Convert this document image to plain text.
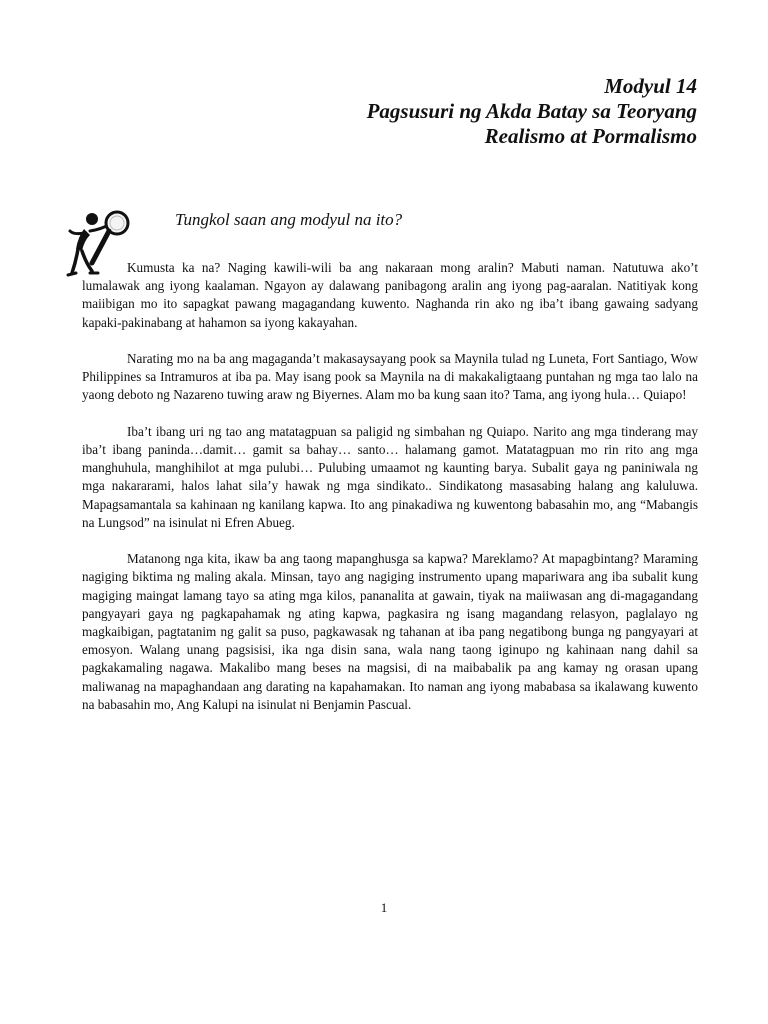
Modyul 14
Pagsusuri ng Akda Batay sa Teoryang
Realismo at Pormalismo
Tungkol saan ang modyul na ito?

Kumusta ka na? Naging kawili-wili ba ang nakaraan mong aralin? Mabuti naman. Natutuwa ako’t lumalawak ang iyong kaalaman. Ngayon ay dalawang panibagong aralin ang iyong pag-aaralan. Natitiyak kong maiibigan mo ito sapagkat pawang magagandang kuwento. Naghanda rin ako ng iba’t ibang gawaing sadyang kapaki-pakinabang at hahamon sa iyong kakayahan.

Narating mo na ba ang magaganda’t makasaysayang pook sa Maynila tulad ng Luneta, Fort Santiago, Wow Philippines sa Intramuros at iba pa. May isang pook sa Maynila na di makakaligtaang puntahan ng mga tao lalo na yaong deboto ng Nazareno tuwing araw ng Biyernes. Alam mo ba kung saan ito? Tama, ang iyong hula… Quiapo!

Iba’t ibang uri ng tao ang matatagpuan sa paligid ng simbahan ng Quiapo. Narito ang mga tinderang may iba’t ibang paninda…damit… gamit sa bahay… santo… halamang gamot. Matatagpuan mo rin rito ang mga manghuhula, manghihilot at mga pulubi… Pulubing umaamot ng kaunting barya. Subalit gaya ng paniniwala ng mga nakararami, halos lahat sila’y hawak ng mga sindikato.. Sindikatong masasabing halang ang kaluluwa. Mapagsamantala sa kahinaan ng kanilang kapwa. Ito ang pinakadiwa ng kuwentong babasahin mo, ang “Mabangis na Lungsod” na isinulat ni Efren Abueg.

Matanong nga kita, ikaw ba ang taong mapanghusga sa kapwa? Mareklamo? At mapagbintang? Maraming nagiging biktima ng maling akala. Minsan, tayo ang nagiging instrumento upang mapariwara ang iba subalit kung magiging maingat lamang tayo sa ating mga kilos, pananalita at gawain, tiyak na maiiwasan ang di-magagandang pangyayari gaya ng pagkapahamak ng ating kapwa, pagkasira ng isang magandang relasyon, paglalayo ng magkaibigan, pagtatanim ng galit sa puso, pagkawasak ng tahanan at iba pang negatibong bunga ng pangyayari at emosyon. Walang unang pagsisisi, ika nga disin sana, wala nang taong iginupo ng kahinaan nang dahil sa pagkakamaling nagawa. Makalibo mang beses na magsisi, di na maibabalik pa ang kamay ng orasan upang maliwanag na mapaghandaan ang darating na kapahamakan. Ito naman ang iyong mababasa sa ikalawang kuwento na babasahin mo, Ang Kalupi na isinulat ni Benjamin Pascual.

1
